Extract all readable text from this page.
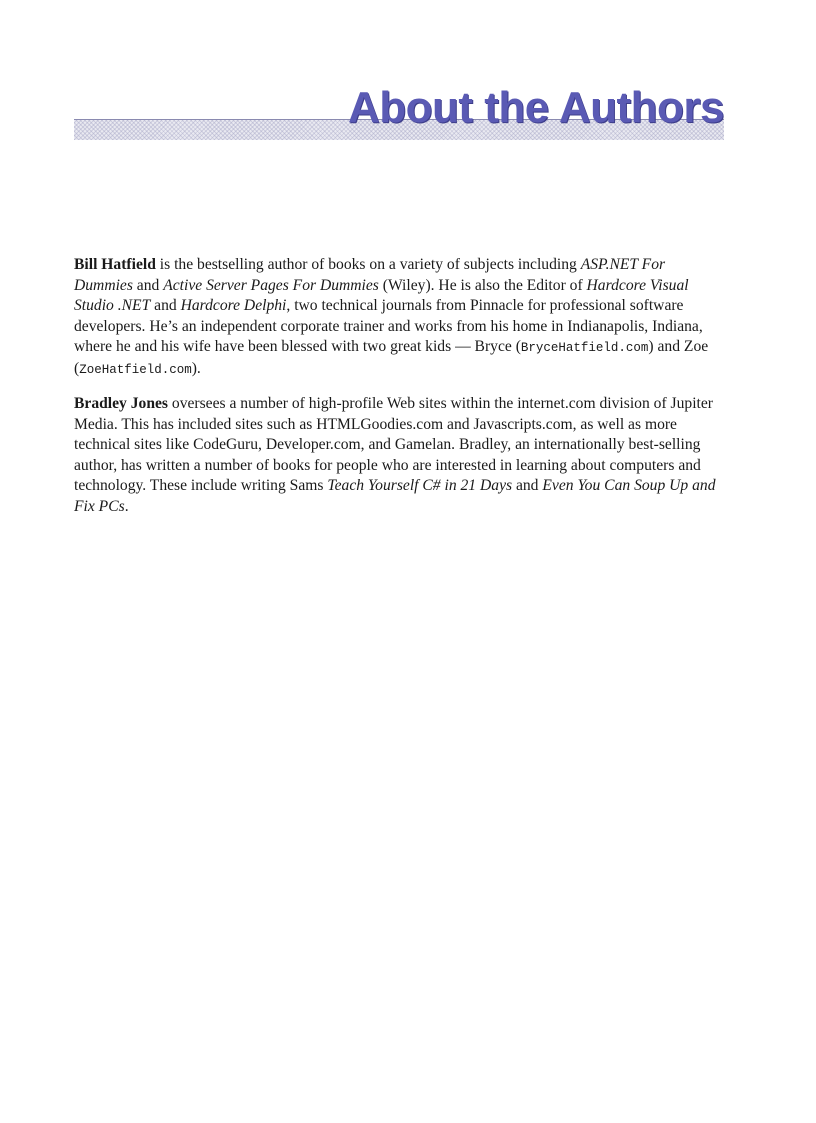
About the Authors

Bill Hatfield is the bestselling author of books on a variety of subjects including ASP.NET For Dummies and Active Server Pages For Dummies (Wiley). He is also the Editor of Hardcore Visual Studio .NET and Hardcore Delphi, two technical journals from Pinnacle for professional software developers. He’s an independent corporate trainer and works from his home in Indianapolis, Indiana, where he and his wife have been blessed with two great kids — Bryce (BryceHatfield.com) and Zoe (ZoeHatfield.com).

Bradley Jones oversees a number of high-profile Web sites within the internet.com division of Jupiter Media. This has included sites such as HTMLGoodies.com and Javascripts.com, as well as more technical sites like CodeGuru, Developer.com, and Gamelan. Bradley, an internationally best-selling author, has written a number of books for people who are interested in learning about computers and technology. These include writing Sams Teach Yourself C# in 21 Days and Even You Can Soup Up and Fix PCs.
